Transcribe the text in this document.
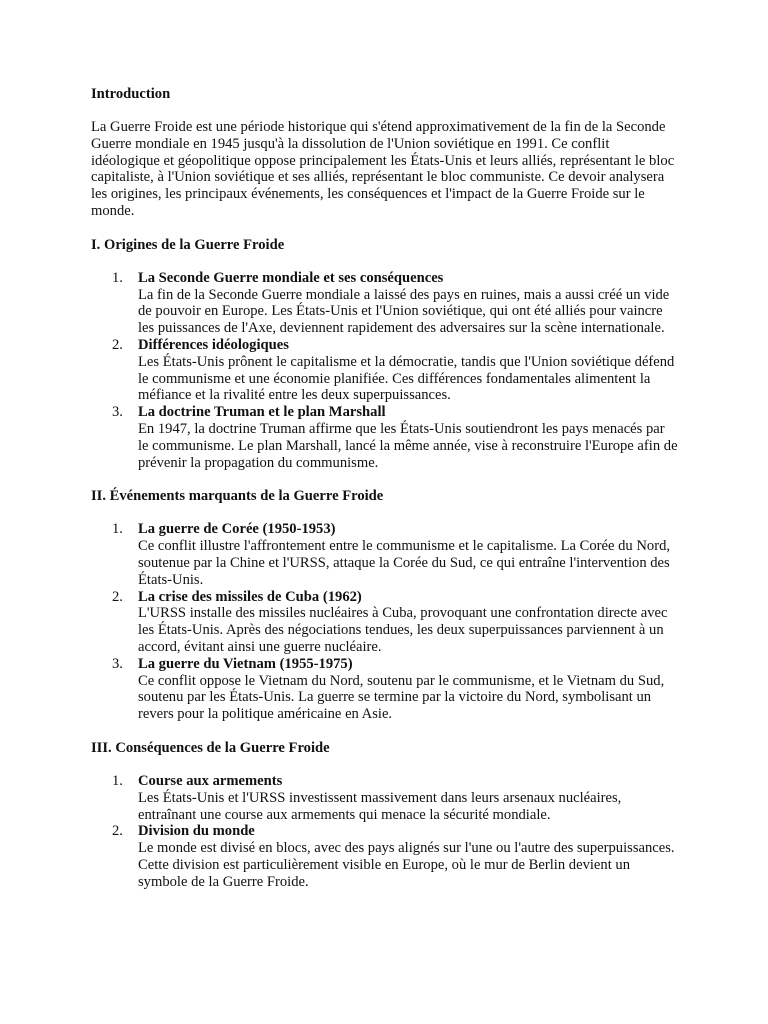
Introduction

La Guerre Froide est une période historique qui s'étend approximativement de la fin de la Seconde Guerre mondiale en 1945 jusqu'à la dissolution de l'Union soviétique en 1991. Ce conflit idéologique et géopolitique oppose principalement les États-Unis et leurs alliés, représentant le bloc capitaliste, à l'Union soviétique et ses alliés, représentant le bloc communiste. Ce devoir analysera les origines, les principaux événements, les conséquences et l'impact de la Guerre Froide sur le monde.

I. Origines de la Guerre Froide

1. La Seconde Guerre mondiale et ses conséquences
La fin de la Seconde Guerre mondiale a laissé des pays en ruines, mais a aussi créé un vide de pouvoir en Europe. Les États-Unis et l'Union soviétique, qui ont été alliés pour vaincre les puissances de l'Axe, deviennent rapidement des adversaires sur la scène internationale.
2. Différences idéologiques
Les États-Unis prônent le capitalisme et la démocratie, tandis que l'Union soviétique défend le communisme et une économie planifiée. Ces différences fondamentales alimentent la méfiance et la rivalité entre les deux superpuissances.
3. La doctrine Truman et le plan Marshall
En 1947, la doctrine Truman affirme que les États-Unis soutiendront les pays menacés par le communisme. Le plan Marshall, lancé la même année, vise à reconstruire l'Europe afin de prévenir la propagation du communisme.

II. Événements marquants de la Guerre Froide

1. La guerre de Corée (1950-1953)
Ce conflit illustre l'affrontement entre le communisme et le capitalisme. La Corée du Nord, soutenue par la Chine et l'URSS, attaque la Corée du Sud, ce qui entraîne l'intervention des États-Unis.
2. La crise des missiles de Cuba (1962)
L'URSS installe des missiles nucléaires à Cuba, provoquant une confrontation directe avec les États-Unis. Après des négociations tendues, les deux superpuissances parviennent à un accord, évitant ainsi une guerre nucléaire.
3. La guerre du Vietnam (1955-1975)
Ce conflit oppose le Vietnam du Nord, soutenu par le communisme, et le Vietnam du Sud, soutenu par les États-Unis. La guerre se termine par la victoire du Nord, symbolisant un revers pour la politique américaine en Asie.

III. Conséquences de la Guerre Froide

1. Course aux armements
Les États-Unis et l'URSS investissent massivement dans leurs arsenaux nucléaires, entraînant une course aux armements qui menace la sécurité mondiale.
2. Division du monde
Le monde est divisé en blocs, avec des pays alignés sur l'une ou l'autre des superpuissances. Cette division est particulièrement visible en Europe, où le mur de Berlin devient un symbole de la Guerre Froide.
